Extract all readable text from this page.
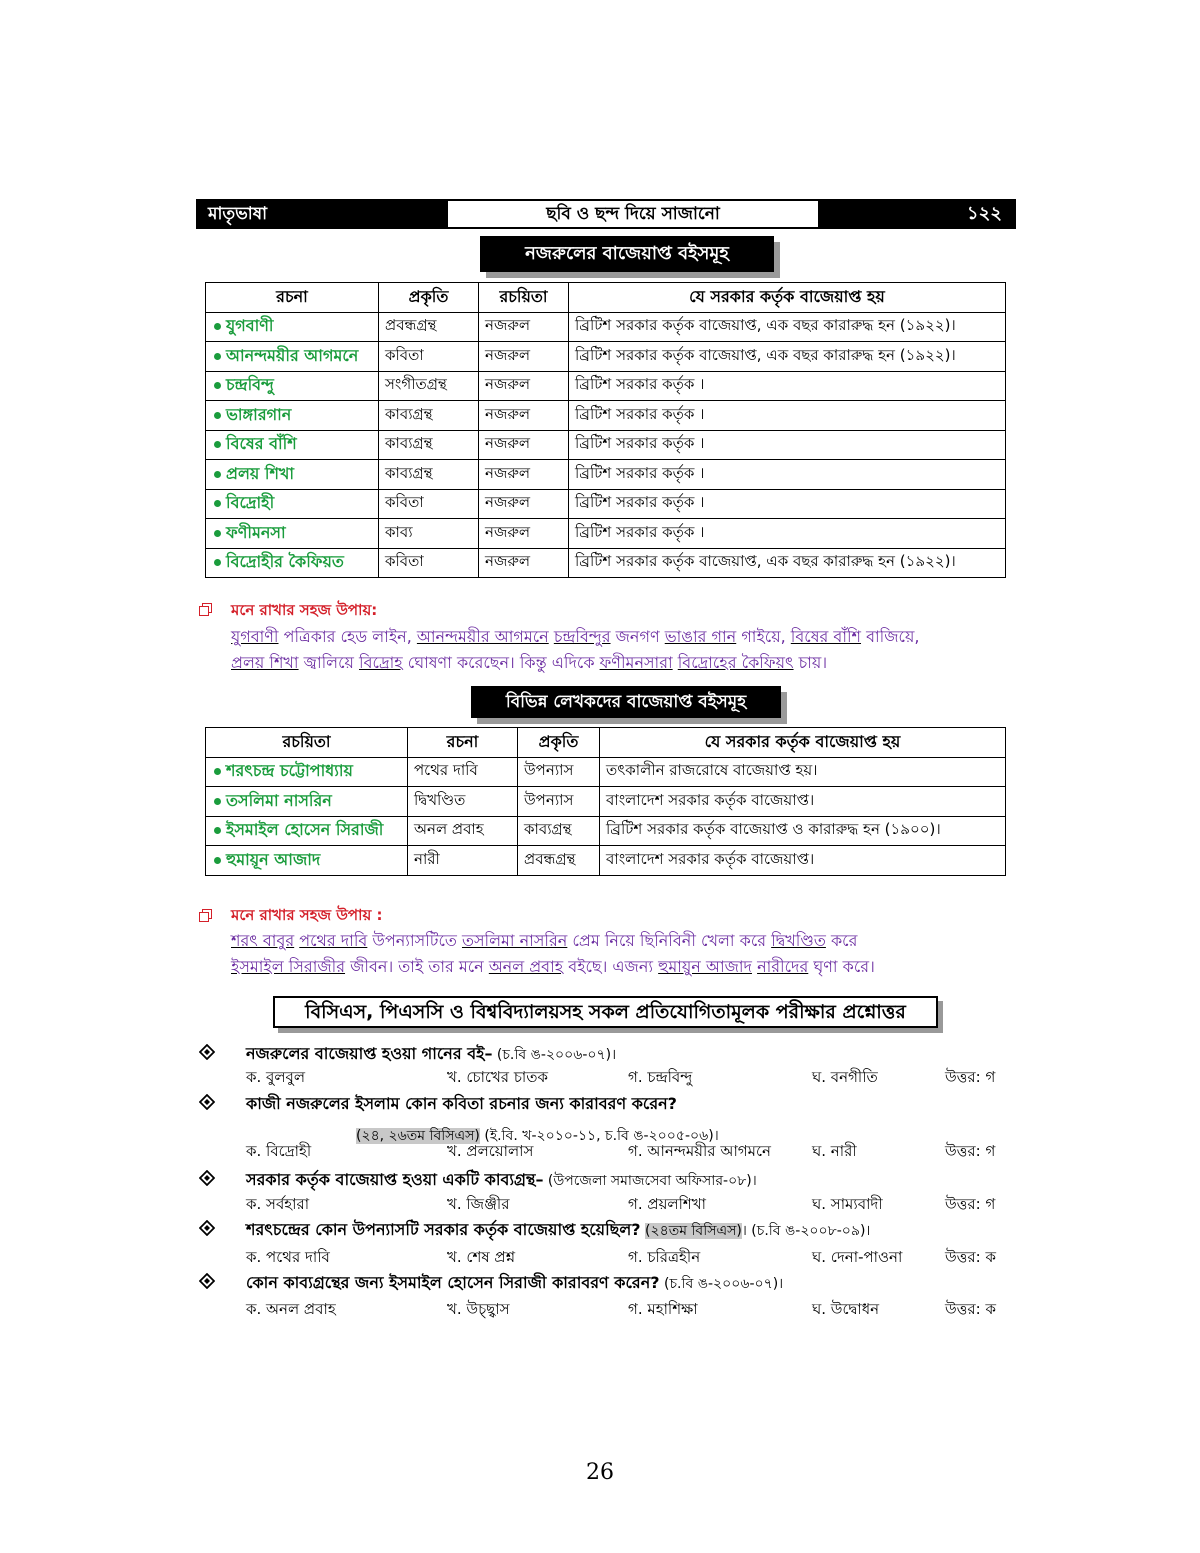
মাতৃভাষা	ছবি ও ছন্দ দিয়ে সাজানো	১২২
নজরুলের বাজেয়াপ্ত বইসমূহ
রচনা	প্রকৃতি	রচয়িতা	যে সরকার কর্তৃক বাজেয়াপ্ত হয়
যুগবাণী	প্রবন্ধগ্রন্থ	নজরুল	ব্রিটিশ সরকার কর্তৃক বাজেয়াপ্ত, এক বছর কারারুদ্ধ হন (১৯২২)।
আনন্দময়ীর আগমনে	কবিতা	নজরুল	ব্রিটিশ সরকার কর্তৃক বাজেয়াপ্ত, এক বছর কারারুদ্ধ হন (১৯২২)।
চন্দ্রবিন্দু	সংগীতগ্রন্থ	নজরুল	ব্রিটিশ সরকার কর্তৃক ।
ভাঙ্গারগান	কাব্যগ্রন্থ	নজরুল	ব্রিটিশ সরকার কর্তৃক ।
বিষের বাঁশি	কাব্যগ্রন্থ	নজরুল	ব্রিটিশ সরকার কর্তৃক ।
প্রলয় শিখা	কাব্যগ্রন্থ	নজরুল	ব্রিটিশ সরকার কর্তৃক ।
বিদ্রোহী	কবিতা	নজরুল	ব্রিটিশ সরকার কর্তৃক ।
ফণীমনসা	কাব্য	নজরুল	ব্রিটিশ সরকার কর্তৃক ।
বিদ্রোহীর কৈফিয়ত	কবিতা	নজরুল	ব্রিটিশ সরকার কর্তৃক বাজেয়াপ্ত, এক বছর কারারুদ্ধ হন (১৯২২)।
মনে রাখার সহজ উপায়:
যুগবাণী পত্রিকার হেড লাইন, আনন্দময়ীর আগমনে চন্দ্রবিন্দুর জনগণ ভাঙার গান গাইয়ে, বিষের বাঁশি বাজিয়ে,
প্রলয় শিখা জ্বালিয়ে বিদ্রোহ ঘোষণা করেছেন। কিন্তু এদিকে ফণীমনসারা বিদ্রোহের কৈফিয়ৎ চায়।
বিভিন্ন লেখকদের বাজেয়াপ্ত বইসমূহ
রচয়িতা	রচনা	প্রকৃতি	যে সরকার কর্তৃক বাজেয়াপ্ত হয়
শরৎচন্দ্র চট্টোপাধ্যায়	পথের দাবি	উপন্যাস	তৎকালীন রাজরোষে বাজেয়াপ্ত হয়।
তসলিমা নাসরিন	দ্বিখণ্ডিত	উপন্যাস	বাংলাদেশ সরকার কর্তৃক বাজেয়াপ্ত।
ইসমাইল হোসেন সিরাজী	অনল প্রবাহ	কাব্যগ্রন্থ	ব্রিটিশ সরকার কর্তৃক বাজেয়াপ্ত ও কারারুদ্ধ হন (১৯০০)।
হুমায়ূন আজাদ	নারী	প্রবন্ধগ্রন্থ	বাংলাদেশ সরকার কর্তৃক বাজেয়াপ্ত।
মনে রাখার সহজ উপায় :
শরৎ বাবুর পথের দাবি উপন্যাসটিতে তসলিমা নাসরিন প্রেম নিয়ে ছিনিবিনী খেলা করে দ্বিখণ্ডিত করে
ইসমাইল সিরাজীর জীবন। তাই তার মনে অনল প্রবাহ বইছে। এজন্য হুমায়ুন আজাদ নারীদের ঘৃণা করে।
বিসিএস, পিএসসি ও বিশ্ববিদ্যালয়সহ সকল প্রতিযোগিতামূলক পরীক্ষার প্রশ্নোত্তর
নজরুলের বাজেয়াপ্ত হওয়া গানের বই– (চ.বি ঙ-২০০৬-০৭)।
ক. বুলবুল	খ. চোখের চাতক	গ. চন্দ্রবিন্দু	ঘ. বনগীতি	উত্তর: গ
কাজী নজরুলের ইসলাম কোন কবিতা রচনার জন্য কারাবরণ করেন?
(২৪, ২৬তম বিসিএস) (ই.বি. খ-২০১০-১১, চ.বি ঙ-২০০৫-০৬)।
ক. বিদ্রোহী	খ. প্রলয়োলাস	গ. আনন্দময়ীর আগমনে	ঘ. নারী	উত্তর: গ
সরকার কর্তৃক বাজেয়াপ্ত হওয়া একটি কাব্যগ্রন্থ– (উপজেলা সমাজসেবা অফিসার-০৮)।
ক. সর্বহারা	খ. জিঞ্জীর	গ. প্রয়লশিখা	ঘ. সাম্যবাদী	উত্তর: গ
শরৎচন্দ্রের কোন উপন্যাসটি সরকার কর্তৃক বাজেয়াপ্ত হয়েছিল? (২৪তম বিসিএস)। (চ.বি ঙ-২০০৮-০৯)।
ক. পথের দাবি	খ. শেষ প্রশ্ন	গ. চরিত্রহীন	ঘ. দেনা-পাওনা	উত্তর: ক
কোন কাব্যগ্রন্থের জন্য ইসমাইল হোসেন সিরাজী কারাবরণ করেন? (চ.বি ঙ-২০০৬-০৭)।
ক. অনল প্রবাহ	খ. উচ্ছ্বাস	গ. মহাশিক্ষা	ঘ. উদ্বোধন	উত্তর: ক
26
